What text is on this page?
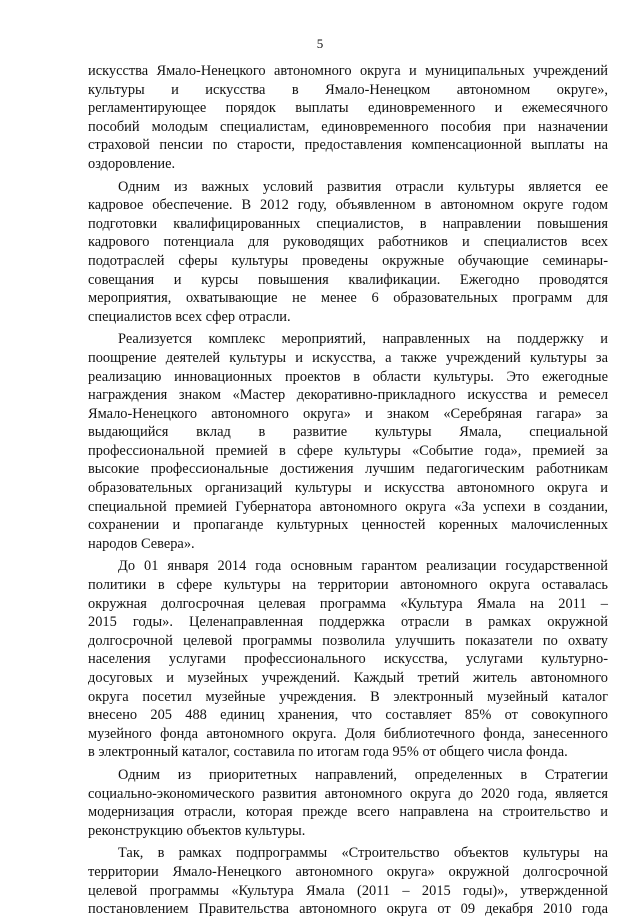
5

искусства Ямало-Ненецкого автономного округа и муниципальных учреждений
культуры и искусства в Ямало-Ненецком автономном округе»,
регламентирующее порядок выплаты единовременного и ежемесячного
пособий молодым специалистам, единовременного пособия при назначении
страховой пенсии по старости, предоставления компенсационной выплаты на
оздоровление.

Одним из важных условий развития отрасли культуры является ее
кадровое обеспечение. В 2012 году, объявленном в автономном округе годом
подготовки квалифицированных специалистов, в направлении повышения
кадрового потенциала для руководящих работников и специалистов всех
подотраслей сферы культуры проведены окружные обучающие семинары-
совещания и курсы повышения квалификации. Ежегодно проводятся
мероприятия, охватывающие не менее 6 образовательных программ для
специалистов всех сфер отрасли.

Реализуется комплекс мероприятий, направленных на поддержку и
поощрение деятелей культуры и искусства, а также учреждений культуры за
реализацию инновационных проектов в области культуры. Это ежегодные
награждения знаком «Мастер декоративно-прикладного искусства и ремесел
Ямало-Ненецкого автономного округа» и знаком «Серебряная гагара» за
выдающийся вклад в развитие культуры Ямала, специальной
профессиональной премией в сфере культуры «Событие года», премией за
высокие профессиональные достижения лучшим педагогическим работникам
образовательных организаций культуры и искусства автономного округа и
специальной премией Губернатора автономного округа «За успехи в создании,
сохранении и пропаганде культурных ценностей коренных малочисленных
народов Севера».

До 01 января 2014 года основным гарантом реализации государственной
политики в сфере культуры на территории автономного округа оставалась
окружная долгосрочная целевая программа «Культура Ямала на 2011 –
2015 годы». Целенаправленная поддержка отрасли в рамках окружной
долгосрочной целевой программы позволила улучшить показатели по охвату
населения услугами профессионального искусства, услугами культурно-
досуговых и музейных учреждений. Каждый третий житель автономного
округа посетил музейные учреждения. В электронный музейный каталог
внесено 205 488 единиц хранения, что составляет 85% от совокупного
музейного фонда автономного округа. Доля библиотечного фонда, занесенного
в электронный каталог, составила по итогам года 95% от общего числа фонда.

Одним из приоритетных направлений, определенных в Стратегии
социально-экономического развития автономного округа до 2020 года, является
модернизация отрасли, которая прежде всего направлена на строительство и
реконструкцию объектов культуры.

Так, в рамках подпрограммы «Строительство объектов культуры на
территории Ямало-Ненецкого автономного округа» окружной долгосрочной
целевой программы «Культура Ямала (2011 – 2015 годы)», утвержденной
постановлением Правительства автономного округа от 09 декабря 2010 года
